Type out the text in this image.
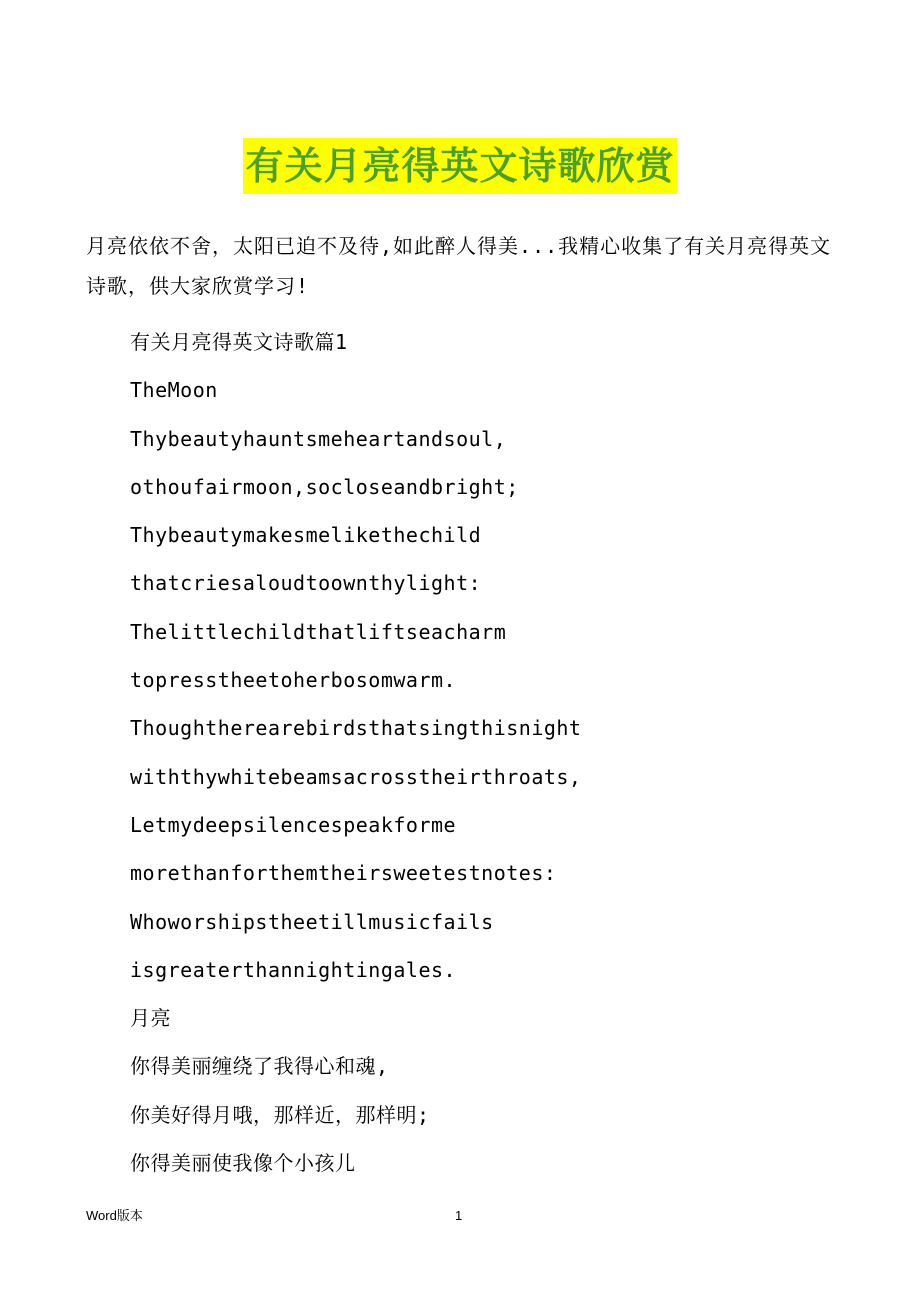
有关月亮得英文诗歌欣赏

月亮依依不舍，太阳已迫不及待,如此醉人得美...我精心收集了有关月亮得英文诗歌，供大家欣赏学习!

有关月亮得英文诗歌篇1
TheMoon
Thybeautyhauntsmeheartandsoul,
othoufairmoon,socloseandbright;
Thybeautymakesmelikethechild
thatcriesaloudtoownthylight:
Thelittlechildthatliftseacharm
topresstheetoherbosomwarm.
Thoughtherearebirdsthatsingthisnight
withthywhitebeamsacrosstheirthroats,
Letmydeepsilencespeakforme
morethanforthemtheirsweetestnotes:
Whoworshipstheetillmusicfails
isgreaterthannightingales.
月亮
你得美丽缠绕了我得心和魂,
你美好得月哦，那样近，那样明;
你得美丽使我像个小孩儿
Word版本	1
